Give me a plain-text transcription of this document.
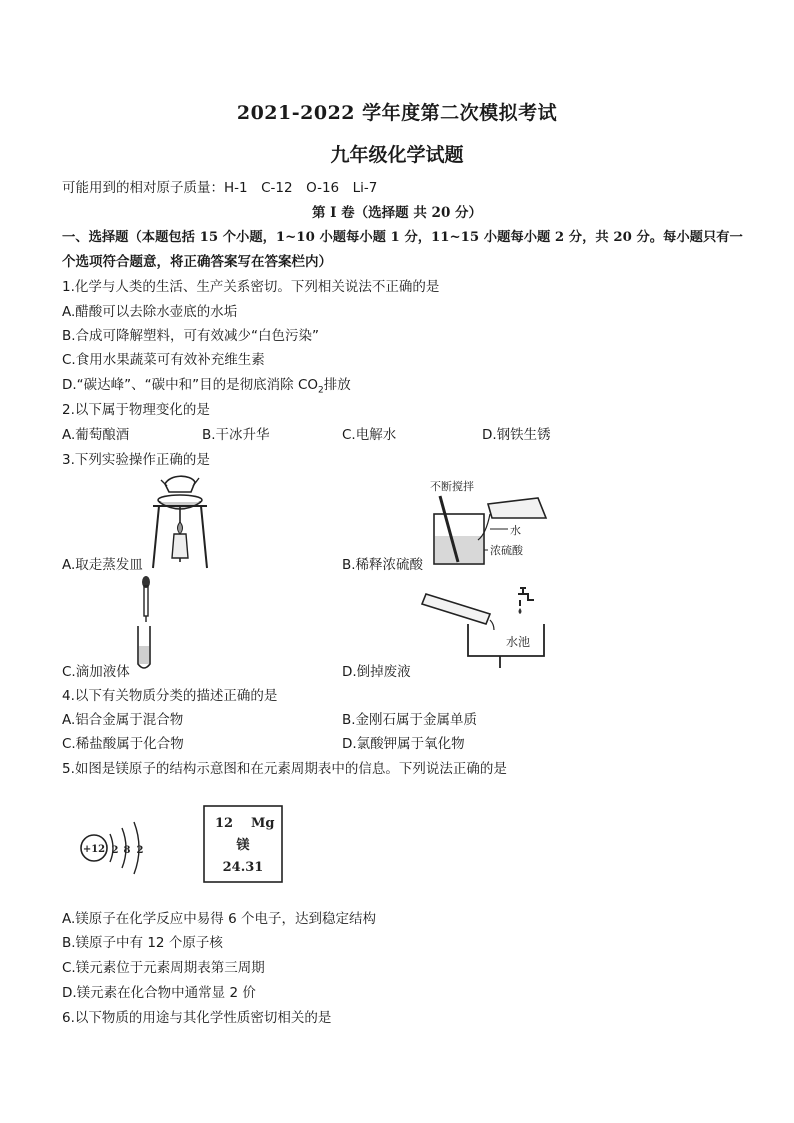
2021-2022 学年度第二次模拟考试
九年级化学试题
可能用到的相对原子质量：H-1　C-12　O-16　Li-7
第 I 卷（选择题 共 20 分）
一、选择题（本题包括 15 个小题，1~10 小题每小题 1 分，11~15 小题每小题 2 分，共 20 分。每小题只有一
个选项符合题意，将正确答案写在答案栏内）
1.化学与人类的生活、生产关系密切。下列相关说法不正确的是
A.醋酸可以去除水壶底的水垢
B.合成可降解塑料，可有效减少“白色污染”
C.食用水果蔬菜可有效补充维生素
D.“碳达峰”、“碳中和”目的是彻底消除 $CO_2$排放
2.以下属于物理变化的是
A.葡萄酿酒	B.干冰升华	C.电解水	D.钢铁生锈
3.下列实验操作正确的是
A.取走蒸发皿
不断搅拌
水
浓硫酸
B.稀释浓硫酸
C.滴加液体
水池
D.倒掉废液
4.以下有关物质分类的描述正确的是
A.铝合金属于混合物	B.金刚石属于金属单质
C.稀盐酸属于化合物	D.氯酸钾属于氧化物
5.如图是镁原子的结构示意图和在元素周期表中的信息。下列说法正确的是
+12 2 8 2
12 Mg
镁
24.31
A.镁原子在化学反应中易得 6 个电子，达到稳定结构
B.镁原子中有 12 个原子核
C.镁元素位于元素周期表第三周期
D.镁元素在化合物中通常显 2 价
6.以下物质的用途与其化学性质密切相关的是
